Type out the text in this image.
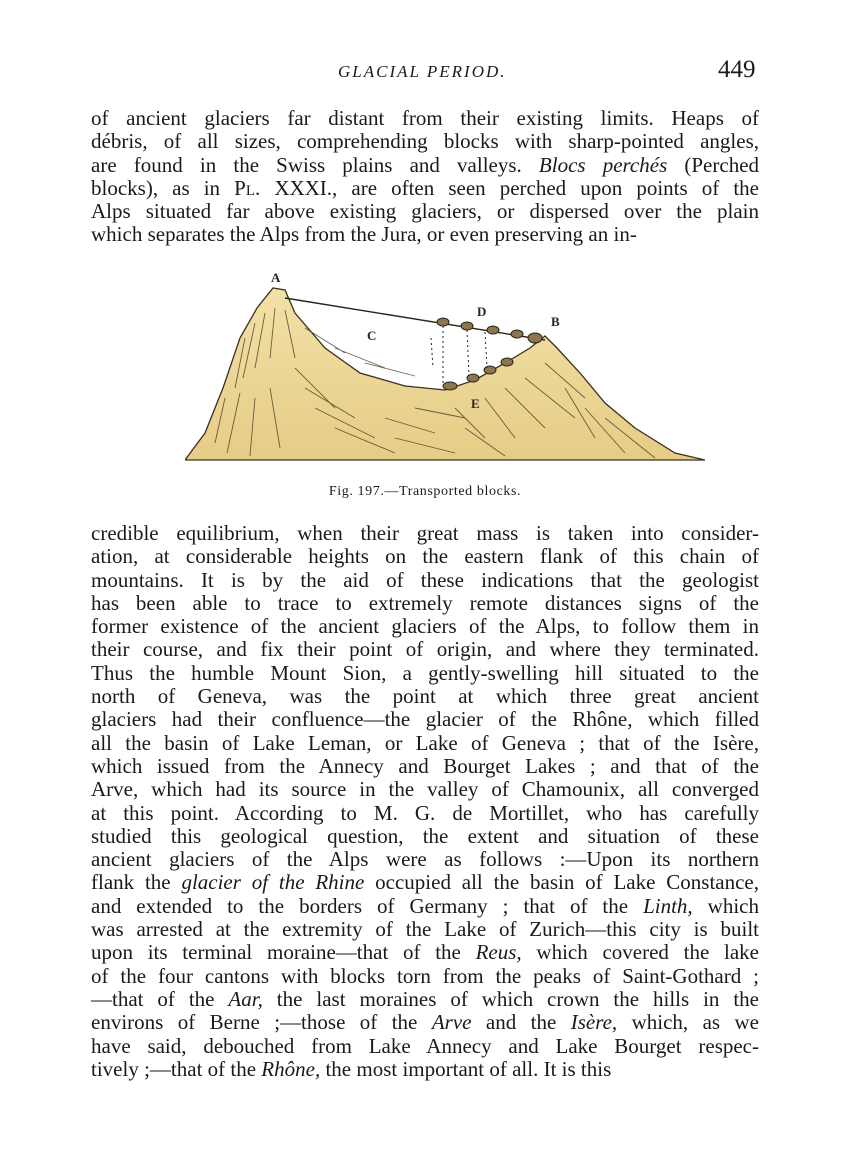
GLACIAL PERIOD.	449
of ancient glaciers far distant from their existing limits. Heaps of
débris, of all sizes, comprehending blocks with sharp-pointed angles,
are found in the Swiss plains and valleys. Blocs perchés (Perched
blocks), as in Pl. XXXI., are often seen perched upon points of the
Alps situated far above existing glaciers, or dispersed over the plain
which separates the Alps from the Jura, or even preserving an in-
A
B
C
D
E
Fig. 197.—Transported blocks.
credible equilibrium, when their great mass is taken into consider-
ation, at considerable heights on the eastern flank of this chain of
mountains. It is by the aid of these indications that the geologist
has been able to trace to extremely remote distances signs of the
former existence of the ancient glaciers of the Alps, to follow them in
their course, and fix their point of origin, and where they terminated.
Thus the humble Mount Sion, a gently-swelling hill situated to the
north of Geneva, was the point at which three great ancient
glaciers had their confluence—the glacier of the Rhône, which filled
all the basin of Lake Leman, or Lake of Geneva ; that of the Isère,
which issued from the Annecy and Bourget Lakes ; and that of the
Arve, which had its source in the valley of Chamounix, all converged
at this point. According to M. G. de Mortillet, who has carefully
studied this geological question, the extent and situation of these
ancient glaciers of the Alps were as follows :—Upon its northern
flank the glacier of the Rhine occupied all the basin of Lake Constance,
and extended to the borders of Germany ; that of the Linth, which
was arrested at the extremity of the Lake of Zurich—this city is built
upon its terminal moraine—that of the Reus, which covered the lake
of the four cantons with blocks torn from the peaks of Saint-Gothard ;
—that of the Aar, the last moraines of which crown the hills in the
environs of Berne ;—those of the Arve and the Isère, which, as we
have said, debouched from Lake Annecy and Lake Bourget respec-
tively ;—that of the Rhône, the most important of all. It is this
